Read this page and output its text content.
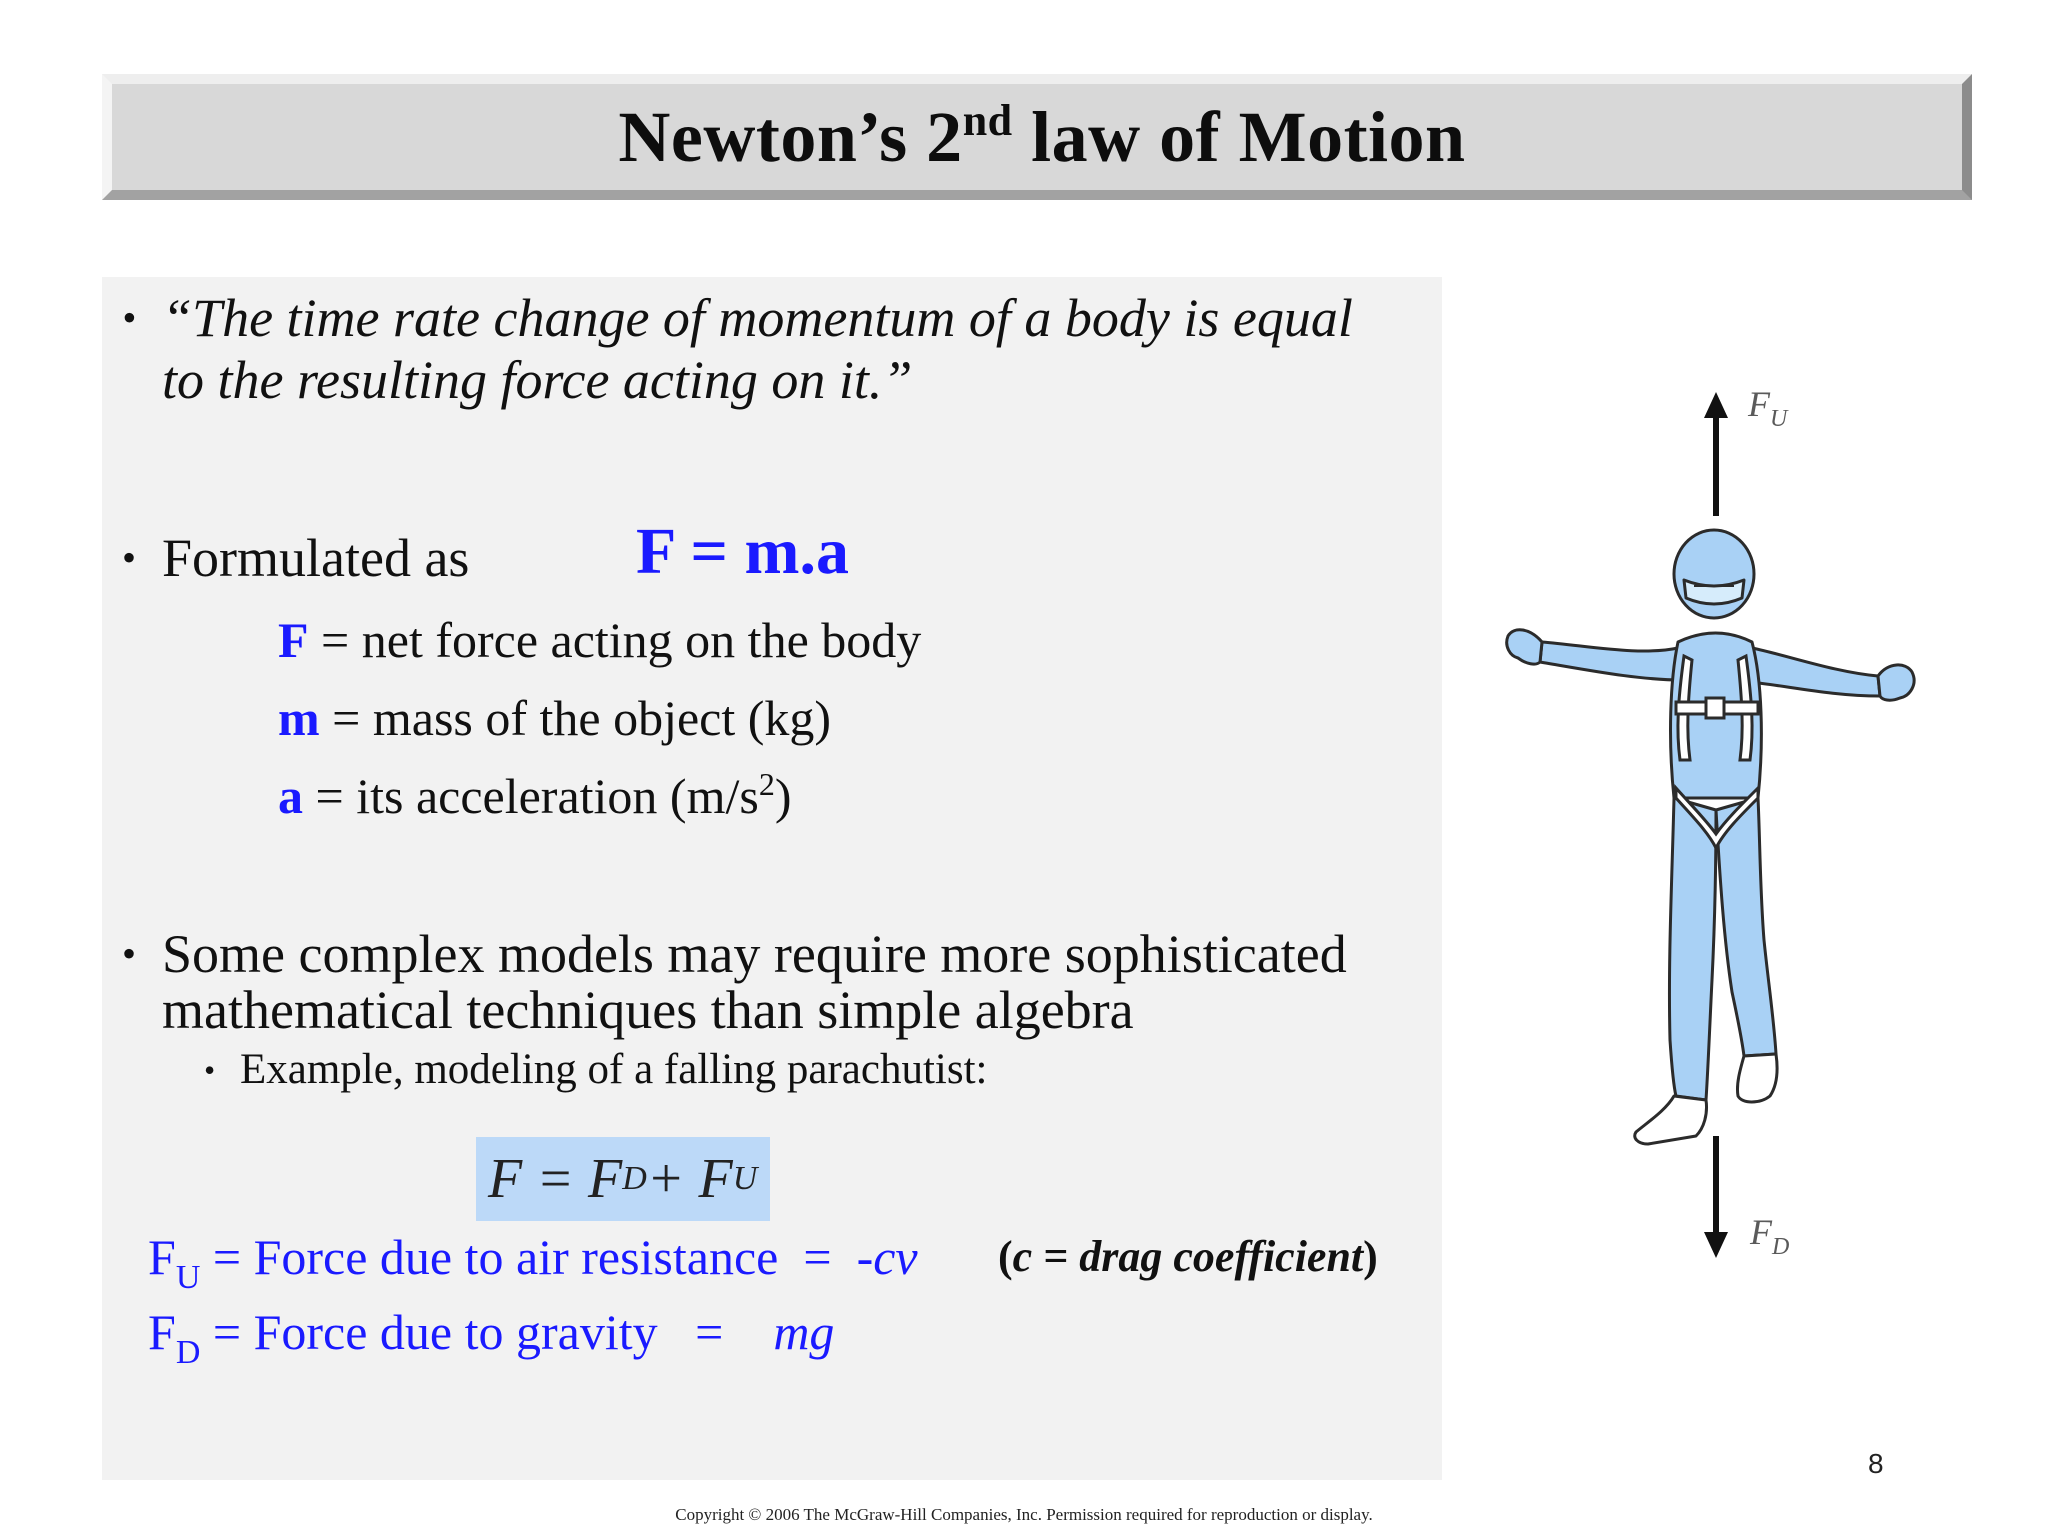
Newton’s 2nd law of Motion
• “The time rate change of momentum of a body is equal
to the resulting force acting on it.”
• Formulated as	F = m.a
F = net force acting on the body
m = mass of the object (kg)
a = its acceleration $(m/s^2)$
• Some complex models may require more sophisticated
mathematical techniques than simple algebra
• Example, modeling of a falling parachutist:
F = F D + F U
$F_U$ = Force due to air resistance  =  -cv (c = drag coefficient)
$F_D$ = Force due to gravity   =    mg
$F_U$
$F_D$
8
Copyright © 2006 The McGraw-Hill Companies, Inc. Permission required for reproduction or display.
